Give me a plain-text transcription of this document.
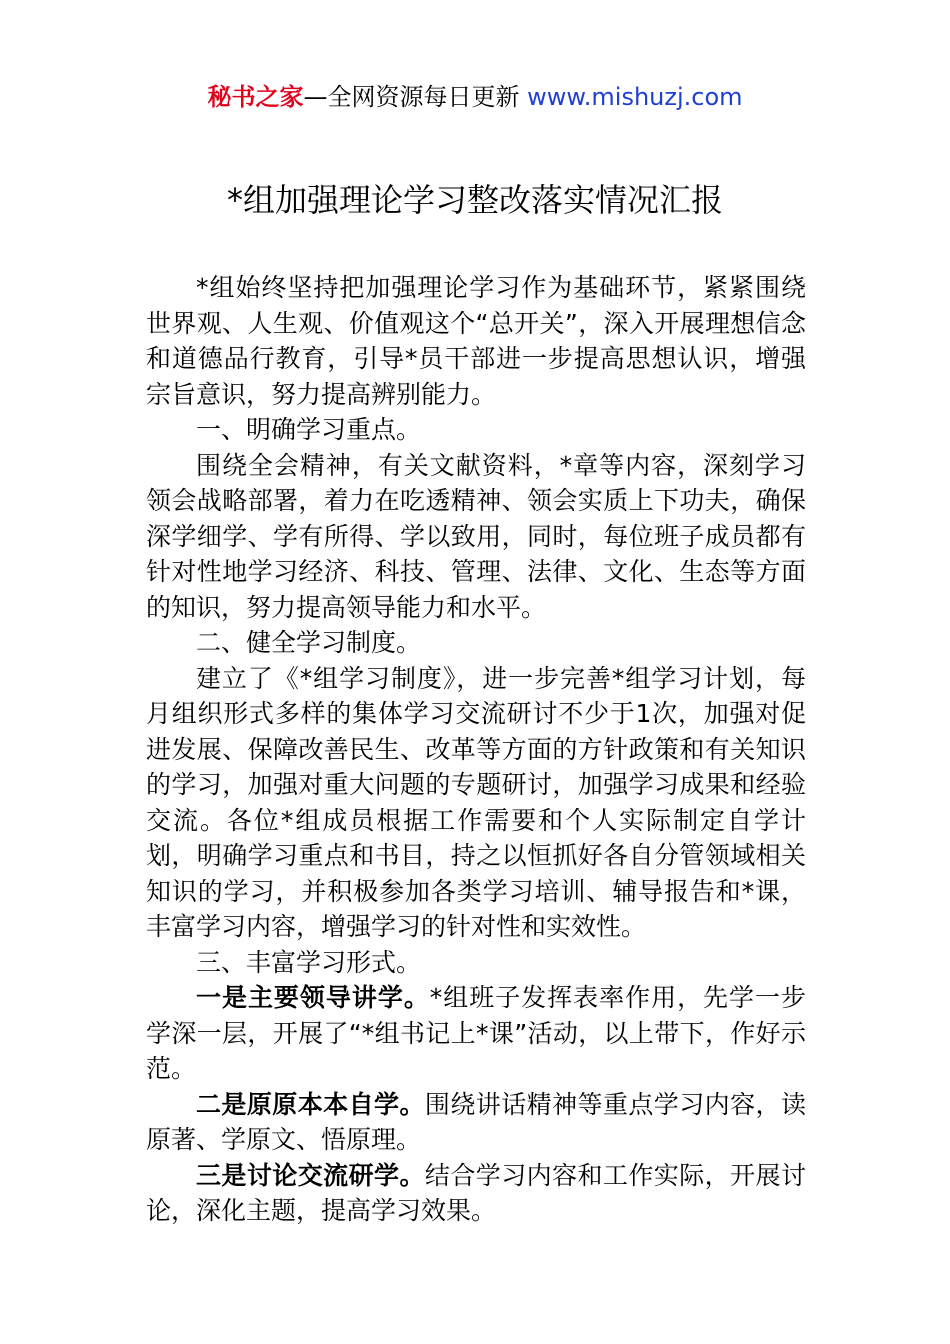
秘书之家—全网资源每日更新 www.mishuzj.com
*组加强理论学习整改落实情况汇报

*组始终坚持把加强理论学习作为基础环节，紧紧围绕世界观、人生观、价值观这个“总开关”，深入开展理想信念和道德品行教育，引导*员干部进一步提高思想认识，增强宗旨意识，努力提高辨别能力。

一、明确学习重点。

围绕全会精神，有关文献资料，*章等内容，深刻学习领会战略部署，着力在吃透精神、领会实质上下功夫，确保深学细学、学有所得、学以致用，同时，每位班子成员都有针对性地学习经济、科技、管理、法律、文化、生态等方面的知识，努力提高领导能力和水平。

二、健全学习制度。

建立了《*组学习制度》，进一步完善*组学习计划，每月组织形式多样的集体学习交流研讨不少于1次，加强对促进发展、保障改善民生、改革等方面的方针政策和有关知识的学习，加强对重大问题的专题研讨，加强学习成果和经验交流。各位*组成员根据工作需要和个人实际制定自学计划，明确学习重点和书目，持之以恒抓好各自分管领域相关知识的学习，并积极参加各类学习培训、辅导报告和*课，丰富学习内容，增强学习的针对性和实效性。

三、丰富学习形式。

一是主要领导讲学。*组班子发挥表率作用，先学一步学深一层，开展了“*组书记上*课”活动，以上带下，作好示范。

二是原原本本自学。围绕讲话精神等重点学习内容，读原著、学原文、悟原理。

三是讨论交流研学。结合学习内容和工作实际，开展讨论，深化主题，提高学习效果。
